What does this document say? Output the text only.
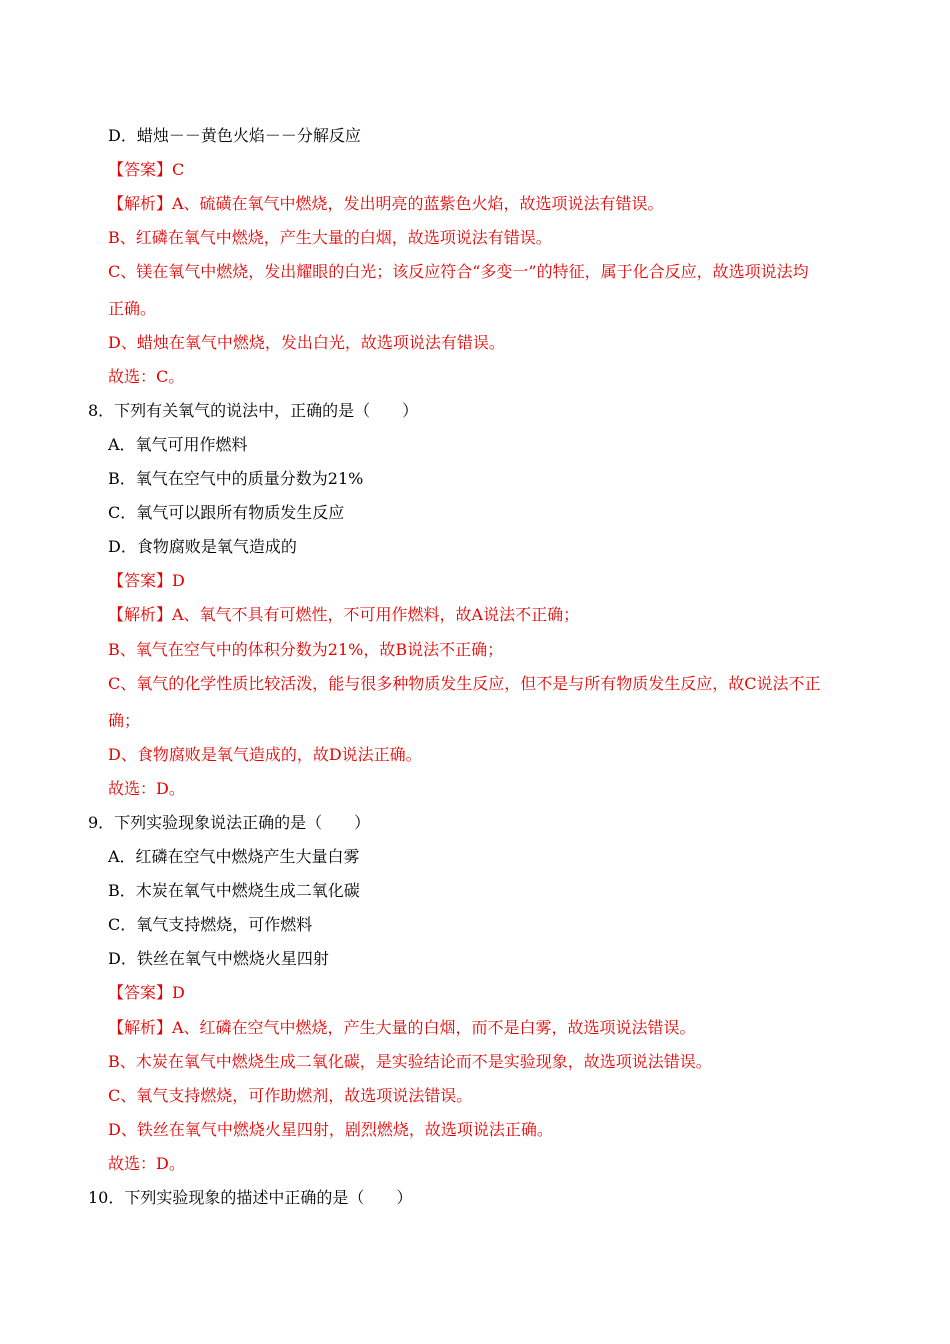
D．蜡烛－－黄色火焰－－分解反应
【答案】C
【解析】A、硫磺在氧气中燃烧，发出明亮的蓝紫色火焰，故选项说法有错误。
B、红磷在氧气中燃烧，产生大量的白烟，故选项说法有错误。
C、镁在氧气中燃烧，发出耀眼的白光；该反应符合“多变一”的特征，属于化合反应，故选项说法均
正确。
D、蜡烛在氧气中燃烧，发出白光，故选项说法有错误。
故选：C。
8．下列有关氧气的说法中，正确的是（　　）
A．氧气可用作燃料
B．氧气在空气中的质量分数为21%
C．氧气可以跟所有物质发生反应
D．食物腐败是氧气造成的
【答案】D
【解析】A、氧气不具有可燃性，不可用作燃料，故A说法不正确；
B、氧气在空气中的体积分数为21%，故B说法不正确；
C、氧气的化学性质比较活泼，能与很多种物质发生反应，但不是与所有物质发生反应，故C说法不正
确；
D、食物腐败是氧气造成的，故D说法正确。
故选：D。
9．下列实验现象说法正确的是（　　）
A．红磷在空气中燃烧产生大量白雾
B．木炭在氧气中燃烧生成二氧化碳
C．氧气支持燃烧，可作燃料
D．铁丝在氧气中燃烧火星四射
【答案】D
【解析】A、红磷在空气中燃烧，产生大量的白烟，而不是白雾，故选项说法错误。
B、木炭在氧气中燃烧生成二氧化碳，是实验结论而不是实验现象，故选项说法错误。
C、氧气支持燃烧，可作助燃剂，故选项说法错误。
D、铁丝在氧气中燃烧火星四射，剧烈燃烧，故选项说法正确。
故选：D。
10．下列实验现象的描述中正确的是（　　）
